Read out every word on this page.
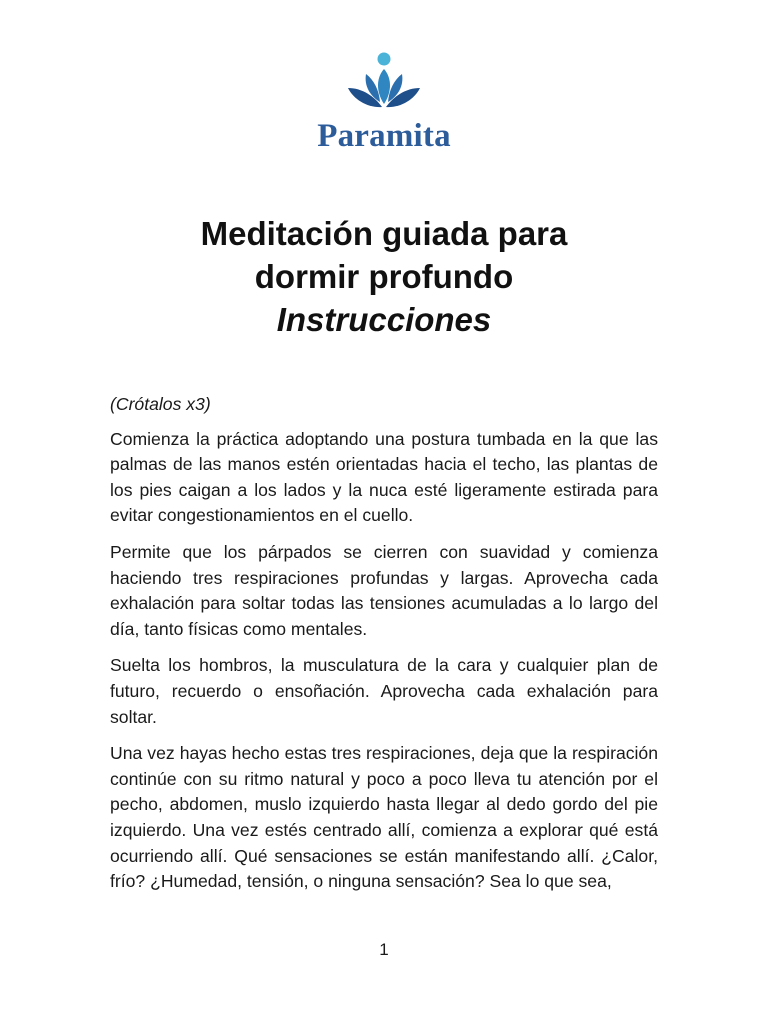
Paramita
Meditación guiada para
dormir profundo
Instrucciones

(Crótalos x3)

Comienza la práctica adoptando una postura tumbada en la que las palmas de las manos estén orientadas hacia el techo, las plantas de los pies caigan a los lados y la nuca esté ligeramente estirada para evitar congestionamientos en el cuello.

Permite que los párpados se cierren con suavidad y comienza haciendo tres respiraciones profundas y largas. Aprovecha cada exhalación para soltar todas las tensiones acumuladas a lo largo del día, tanto físicas como mentales.

Suelta los hombros, la musculatura de la cara y cualquier plan de futuro, recuerdo o ensoñación. Aprovecha cada exhalación para soltar.

Una vez hayas hecho estas tres respiraciones, deja que la respiración continúe con su ritmo natural y poco a poco lleva tu atención por el pecho, abdomen, muslo izquierdo hasta llegar al dedo gordo del pie izquierdo. Una vez estés centrado allí, comienza a explorar qué está ocurriendo allí. Qué sensaciones se están manifestando allí. ¿Calor, frío? ¿Humedad, tensión, o ninguna sensación? Sea lo que sea,

1
